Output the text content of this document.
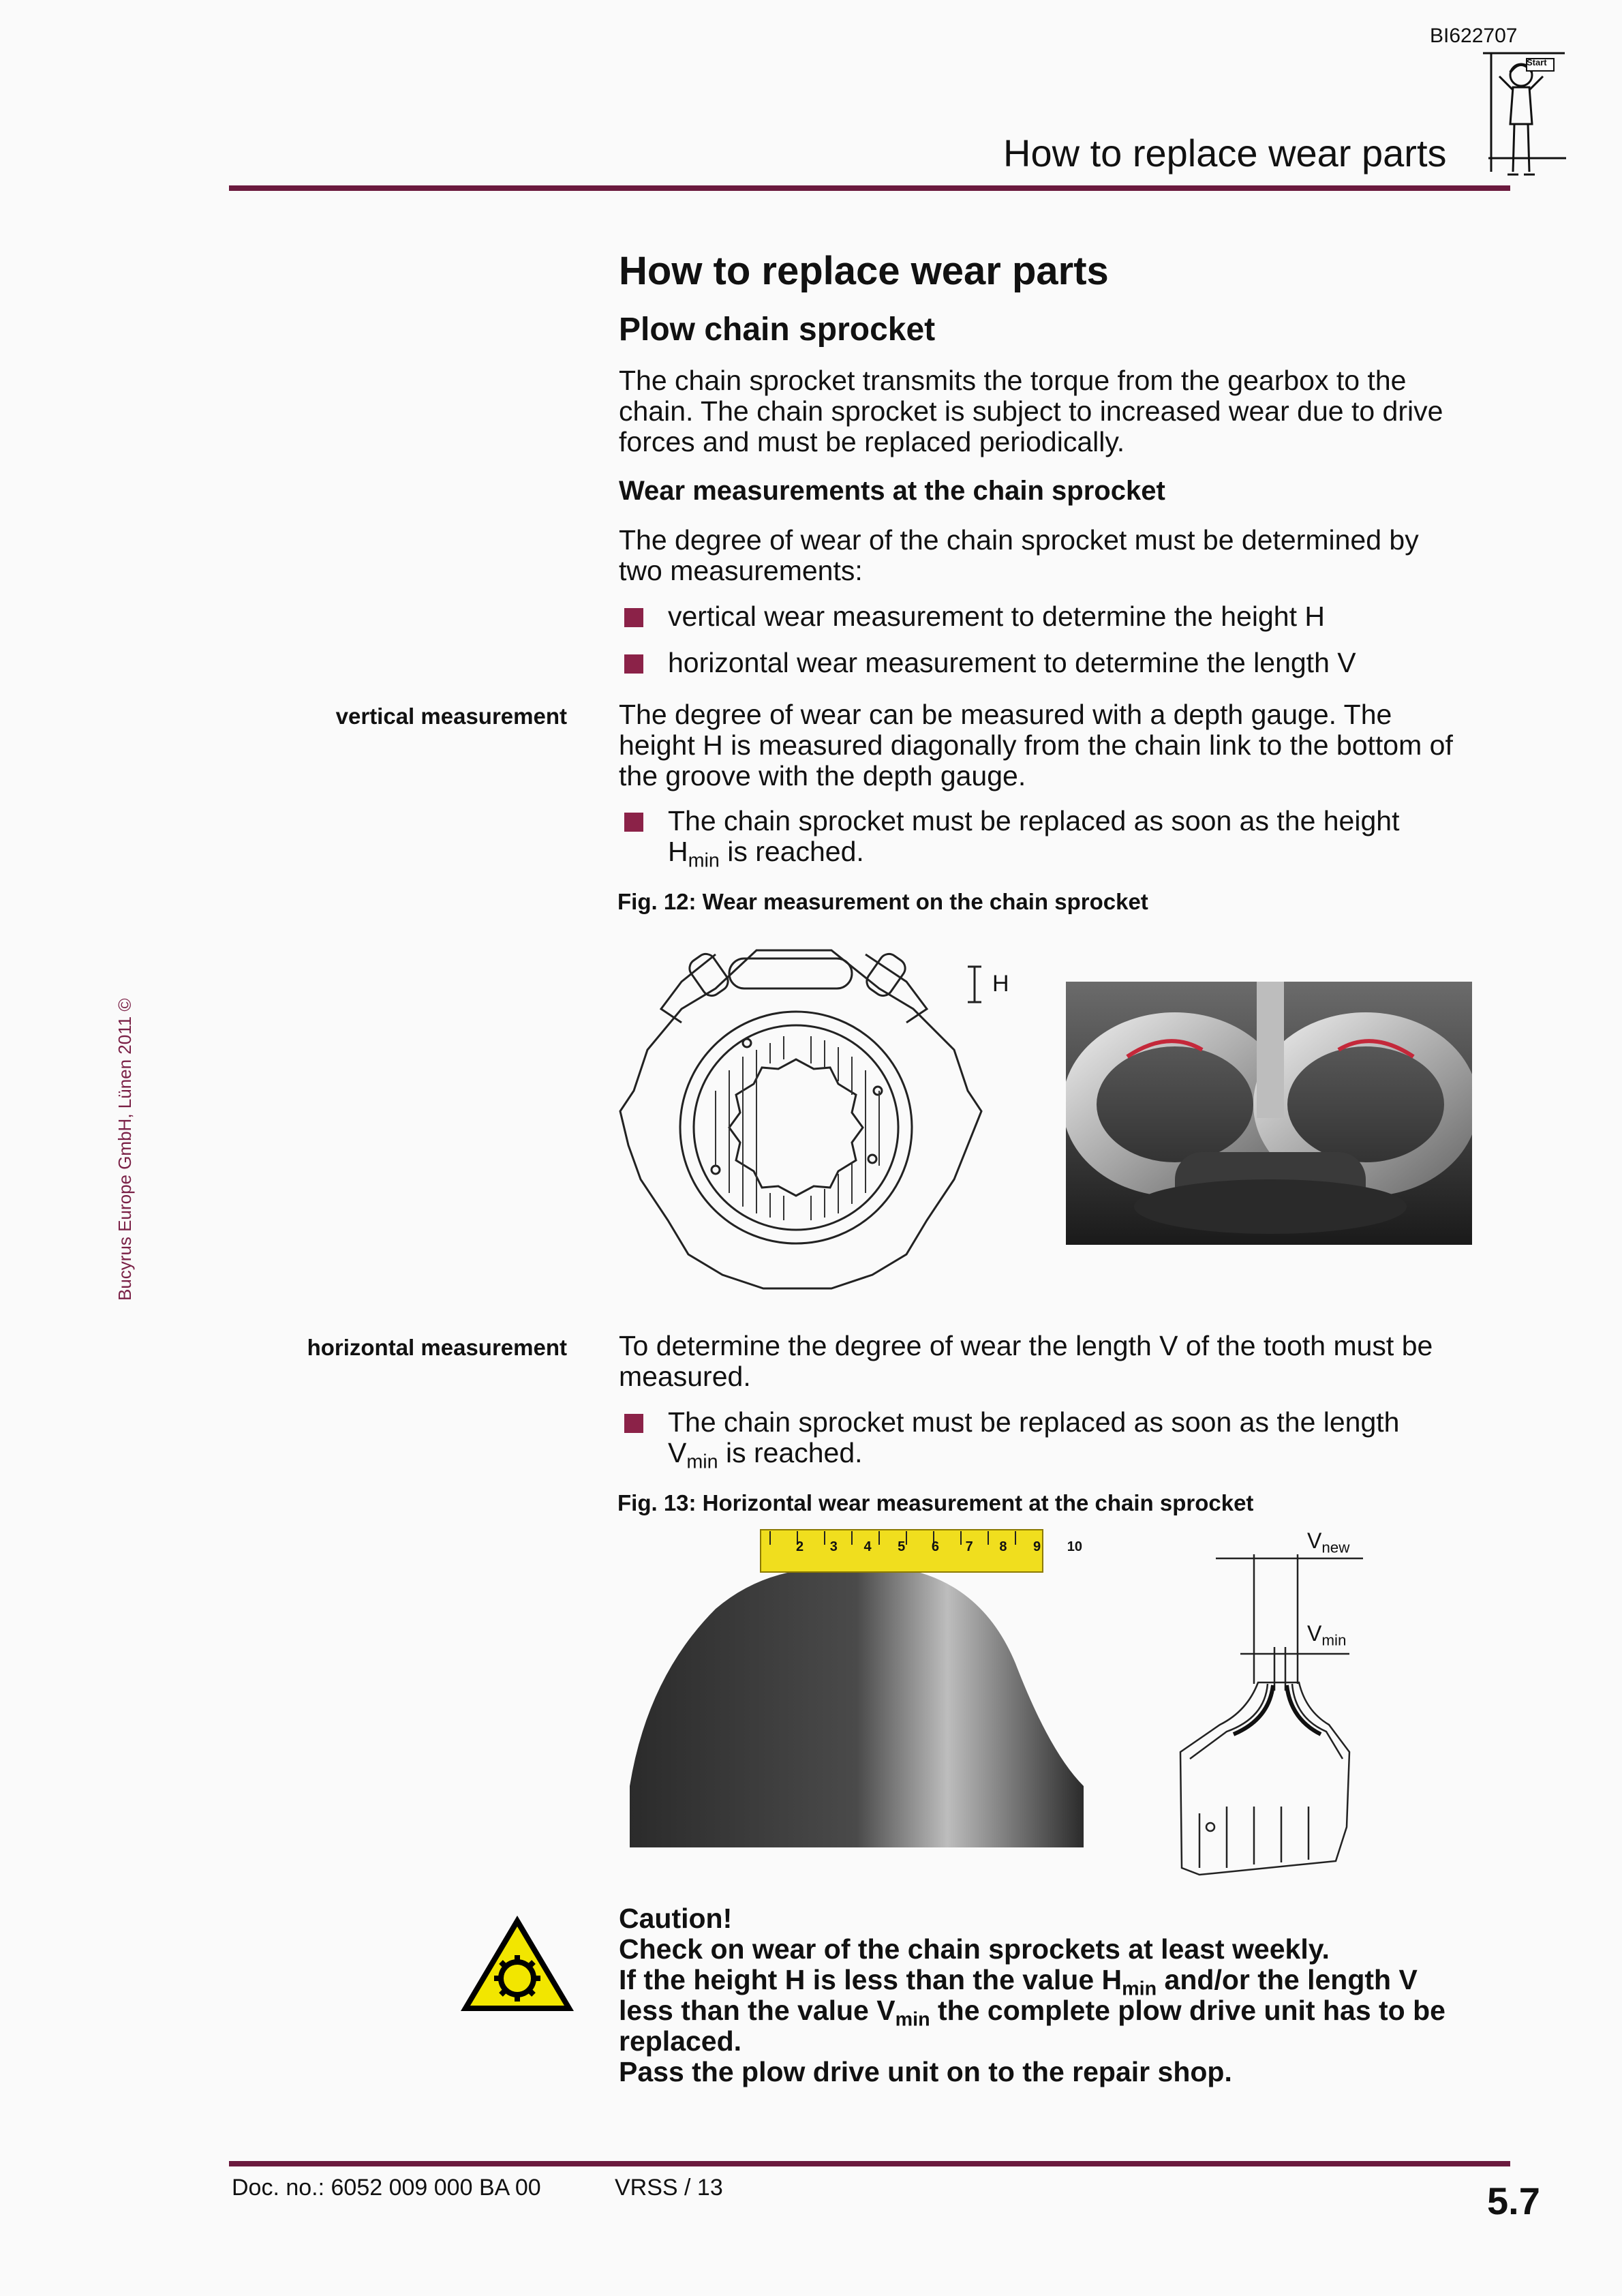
BI622707
How to replace wear parts
Start
Bucyrus Europe GmbH, Lünen 2011 ©
How to replace wear parts
Plow chain sprocket
The chain sprocket transmits the torque from the gearbox to the
chain. The chain sprocket is subject to increased wear due to drive
forces and must be replaced periodically.
Wear measurements at the chain sprocket
The degree of wear of the chain sprocket must be determined by
two measurements:
vertical wear measurement to determine the height H
horizontal wear measurement to determine the length V
vertical measurement The degree of wear can be measured with a depth gauge. The
height H is measured diagonally from the chain link to the bottom of
the groove with the depth gauge.
The chain sprocket must be replaced as soon as the height
$H_{min}$ is reached.
Fig. 12: Wear measurement on the chain sprocket
H
horizontal measurement To determine the degree of wear the length V of the tooth must be
measured.
The chain sprocket must be replaced as soon as the length
$V_{min}$ is reached.
Fig. 13: Horizontal wear measurement at the chain sprocket
2 3 4 5 6 7 8 9 10	$V_{new}$
$V_{min}$
Caution!
Check on wear of the chain sprockets at least weekly.
If the height H is less than the value $H_{min}$ and/or the length V
less than the value $V_{min}$ the complete plow drive unit has to be
replaced.
Pass the plow drive unit on to the repair shop.
Doc. no.: 6052 009 000 BA 00	VRSS / 13	5.7
